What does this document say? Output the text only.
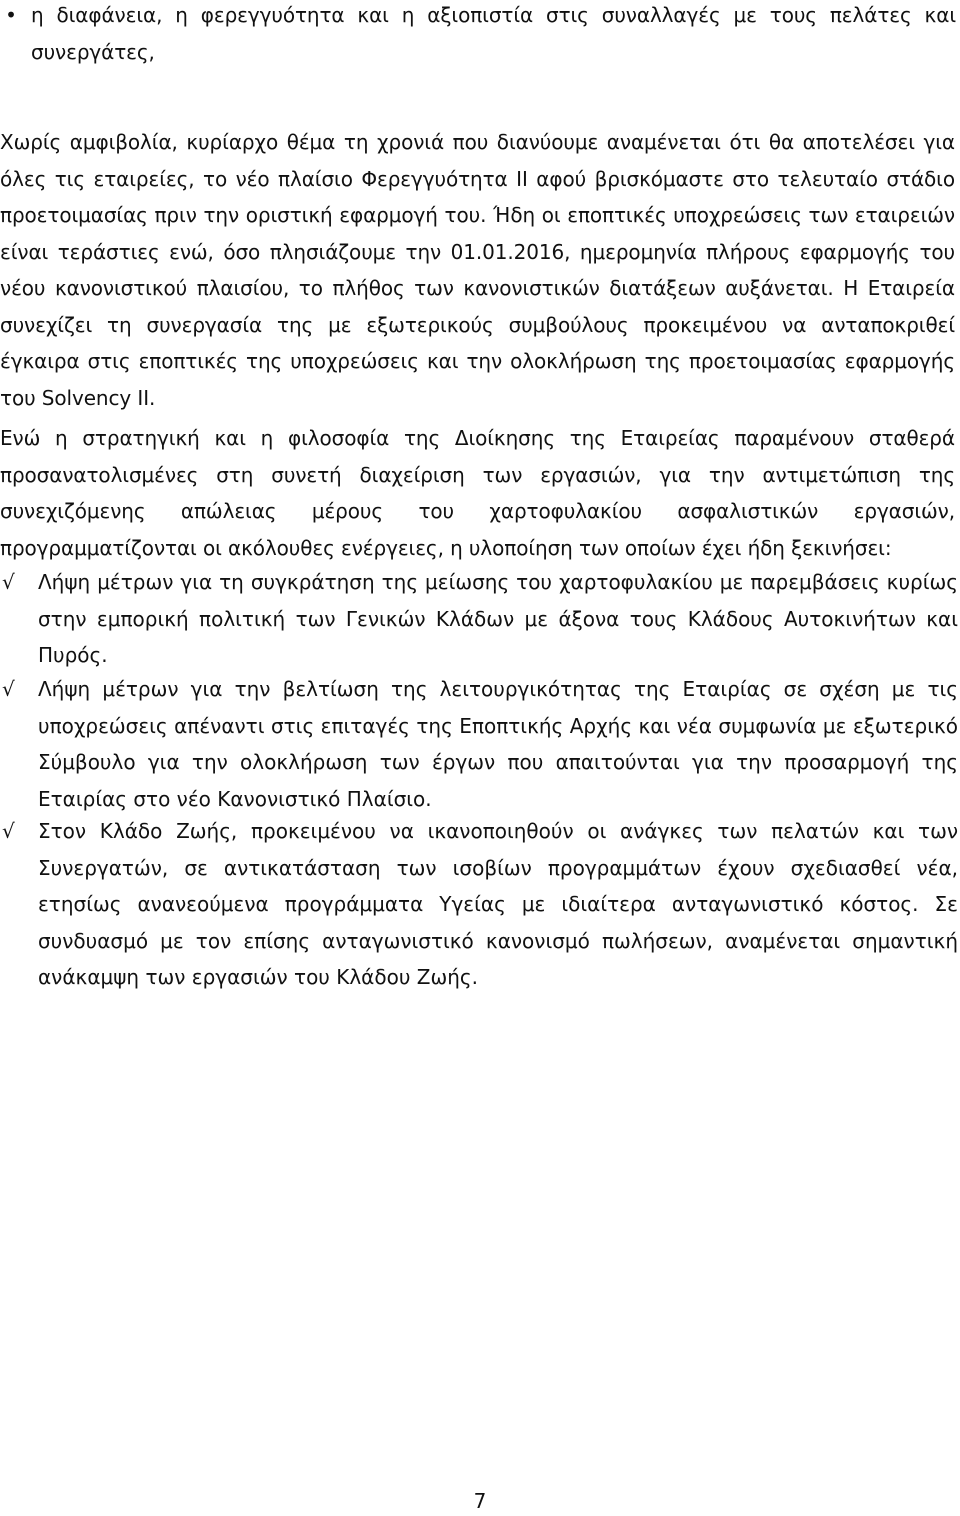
• η διαφάνεια, η φερεγγυότητα και η αξιοπιστία στις συναλλαγές με τους πελάτες και συνεργάτες,

Χωρίς αμφιβολία, κυρίαρχο θέμα τη χρονιά που διανύουμε αναμένεται ότι θα αποτελέσει για όλες τις εταιρείες, το νέο πλαίσιο Φερεγγυότητα ΙΙ αφού βρισκόμαστε στο τελευταίο στάδιο προετοιμασίας πριν την οριστική εφαρμογή του. Ήδη οι εποπτικές υποχρεώσεις των εταιρειών είναι τεράστιες ενώ, όσο πλησιάζουμε την 01.01.2016, ημερομηνία πλήρους εφαρμογής του νέου κανονιστικού πλαισίου, το πλήθος των κανονιστικών διατάξεων αυξάνεται. Η Εταιρεία συνεχίζει τη συνεργασία της με εξωτερικούς συμβούλους προκειμένου να ανταποκριθεί έγκαιρα στις εποπτικές της υποχρεώσεις και την ολοκλήρωση της προετοιμασίας εφαρμογής του Solvency II.

Ενώ η στρατηγική και η φιλοσοφία της Διοίκησης της Εταιρείας παραμένουν σταθερά προσανατολισμένες στη συνετή διαχείριση των εργασιών, για την αντιμετώπιση της συνεχιζόμενης απώλειας μέρους του χαρτοφυλακίου ασφαλιστικών εργασιών, προγραμματίζονται οι ακόλουθες ενέργειες, η υλοποίηση των οποίων έχει ήδη ξεκινήσει:

√	Λήψη μέτρων για τη συγκράτηση της μείωσης του χαρτοφυλακίου με παρεμβάσεις κυρίως στην εμπορική πολιτική των Γενικών Κλάδων με άξονα τους Κλάδους Αυτοκινήτων και Πυρός.
√	Λήψη μέτρων για την βελτίωση της λειτουργικότητας της Εταιρίας σε σχέση με τις υποχρεώσεις απέναντι στις επιταγές της Εποπτικής Αρχής και νέα συμφωνία με εξωτερικό Σύμβουλο για την ολοκλήρωση των έργων που απαιτούνται για την προσαρμογή της Εταιρίας στο νέο Κανονιστικό Πλαίσιο.
√	Στον Κλάδο Ζωής, προκειμένου να ικανοποιηθούν οι ανάγκες των πελατών και των Συνεργατών, σε αντικατάσταση των ισοβίων προγραμμάτων έχουν σχεδιασθεί νέα, ετησίως ανανεούμενα προγράμματα Υγείας με ιδιαίτερα ανταγωνιστικό κόστος. Σε συνδυασμό με τον επίσης ανταγωνιστικό κανονισμό πωλήσεων, αναμένεται σημαντική ανάκαμψη των εργασιών του Κλάδου Ζωής.
7
